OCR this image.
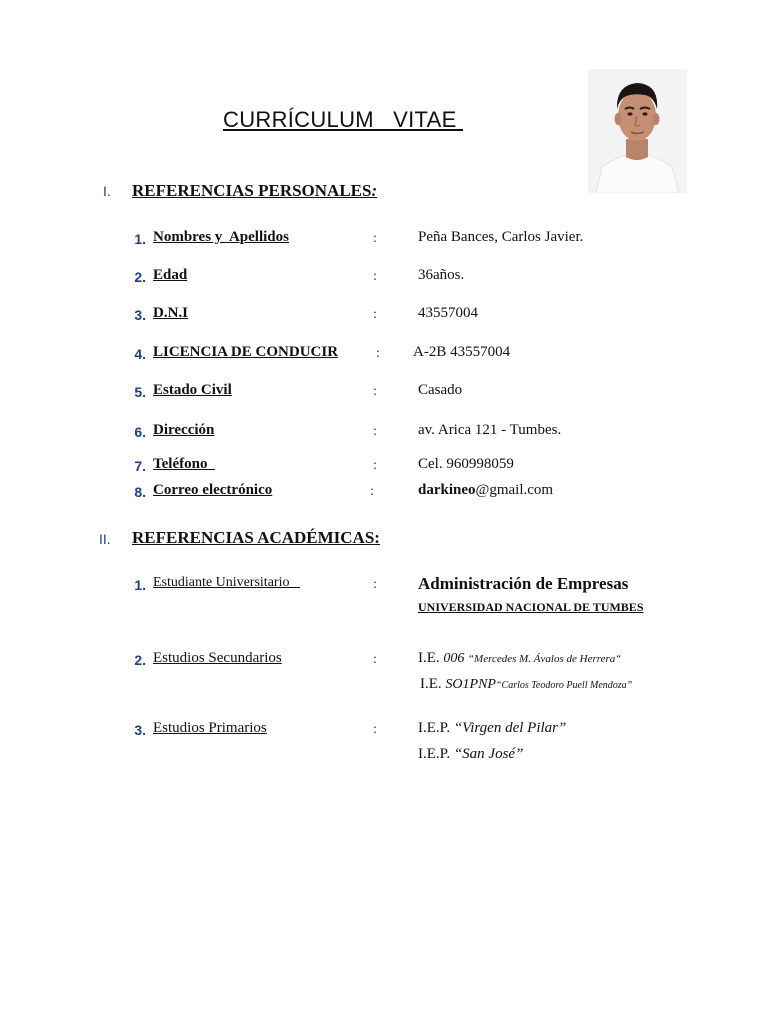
CURRÍCULUM   VITAE
I. REFERENCIAS PERSONALES:
1. Nombres y  Apellidos	:	Peña Bances, Carlos Javier.
2. Edad	:	36años.
3. D.N.I	:	43557004
4. LICENCIA DE CONDUCIR	: A-2B 43557004
5. Estado Civil	:	Casado
6. Dirección	:	av. Arica 121 - Tumbes.
7. Teléfono	:	Cel. 960998059
8. Correo electrónico	:	darkineo@gmail.com
II. REFERENCIAS ACADÉMICAS:
1. Estudiante Universitario	: Administración de Empresas
UNIVERSIDAD NACIONAL DE TUMBES
2. Estudios Secundarios	:	I.E. 006 “Mercedes M. Ávalos de Herrera“
I.E. SO1PNP“Carlos Teodoro Puell Mendoza”
3. Estudios Primarios	:	I.E.P. “Virgen del Pilar”
I.E.P. “San José”
